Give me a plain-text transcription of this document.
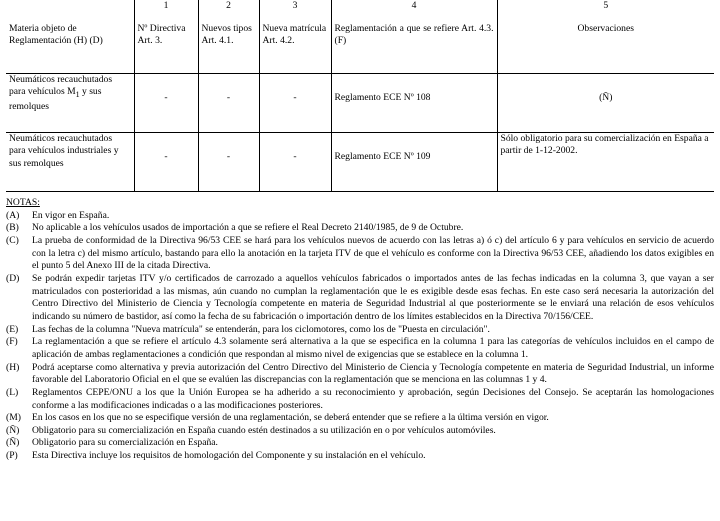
	1	2	3	4	5
Materia objeto de Reglamentación (H) (D)	Nº Directiva Art. 3.	Nuevos tipos Art. 4.1.	Nueva matrícula Art. 4.2.	Reglamentación a que se refiere Art. 4.3. (F)	Observaciones
Neumáticos recauchutados para vehículos $M_1$ y sus remolques	-	-	-	Reglamento ECE Nº 108	(Ñ)
Neumáticos recauchutados para vehículos industriales y sus remolques	-	-	-	Reglamento ECE Nº 109	Sólo obligatorio para su comercialización en España a partir de 1-12-2002.
NOTAS:
(A)	En vigor en España.
(B)	No aplicable a los vehículos usados de importación a que se refiere el Real Decreto 2140/1985, de 9 de Octubre.
(C)	La prueba de conformidad de la Directiva 96/53 CEE se hará para los vehículos nuevos de acuerdo con las letras a) ó c) del artículo 6 y para vehículos en servicio de acuerdo con la letra c) del mismo artículo, bastando para ello la anotación en la tarjeta ITV de que el vehículo es conforme con la Directiva 96/53 CEE, añadiendo los datos exigibles en el punto 5 del Anexo III de la citada Directiva.
(D)	Se podrán expedir tarjetas ITV y/o certificados de carrozado a aquellos vehículos fabricados o importados antes de las fechas indicadas en la columna 3, que vayan a ser matriculados con posterioridad a las mismas, aún cuando no cumplan la reglamentación que le es exigible desde esas fechas. En este caso será necesaria la autorización del Centro Directivo del Ministerio de Ciencia y Tecnología competente en materia de Seguridad Industrial al que posteriormente se le enviará una relación de esos vehículos indicando su número de bastidor, así como la fecha de su fabricación o importación dentro de los límites establecidos en la Directiva 70/156/CEE.
(E)	Las fechas de la columna "Nueva matrícula" se entenderán, para los ciclomotores, como los de "Puesta en circulación".
(F)	La reglamentación a que se refiere el artículo 4.3 solamente será alternativa a la que se especifica en la columna 1 para las categorías de vehículos incluidos en el campo de aplicación de ambas reglamentaciones a condición que respondan al mismo nivel de exigencias que se establece en la columna 1.
(H)	Podrá aceptarse como alternativa y previa autorización del Centro Directivo del Ministerio de Ciencia y Tecnología competente en materia de Seguridad Industrial, un informe favorable del Laboratorio Oficial en el que se evalúen las discrepancias con la reglamentación que se menciona en las columnas 1 y 4.
(L)	Reglamentos CEPE/ONU a los que la Unión Europea se ha adherido a su reconocimiento y aprobación, según Decisiones del Consejo. Se aceptarán las homologaciones conforme a las modificaciones indicadas o a las modificaciones posteriores.
(M)	En los casos en los que no se especifique versión de una reglamentación, se deberá entender que se refiere a la última versión en vigor.
(Ñ)	Obligatorio para su comercialización en España cuando estén destinados a su utilización en o por vehículos automóviles.
(Ñ)	Obligatorio para su comercialización en España.
(P)	Esta Directiva incluye los requisitos de homologación del Componente y su instalación en el vehículo.
